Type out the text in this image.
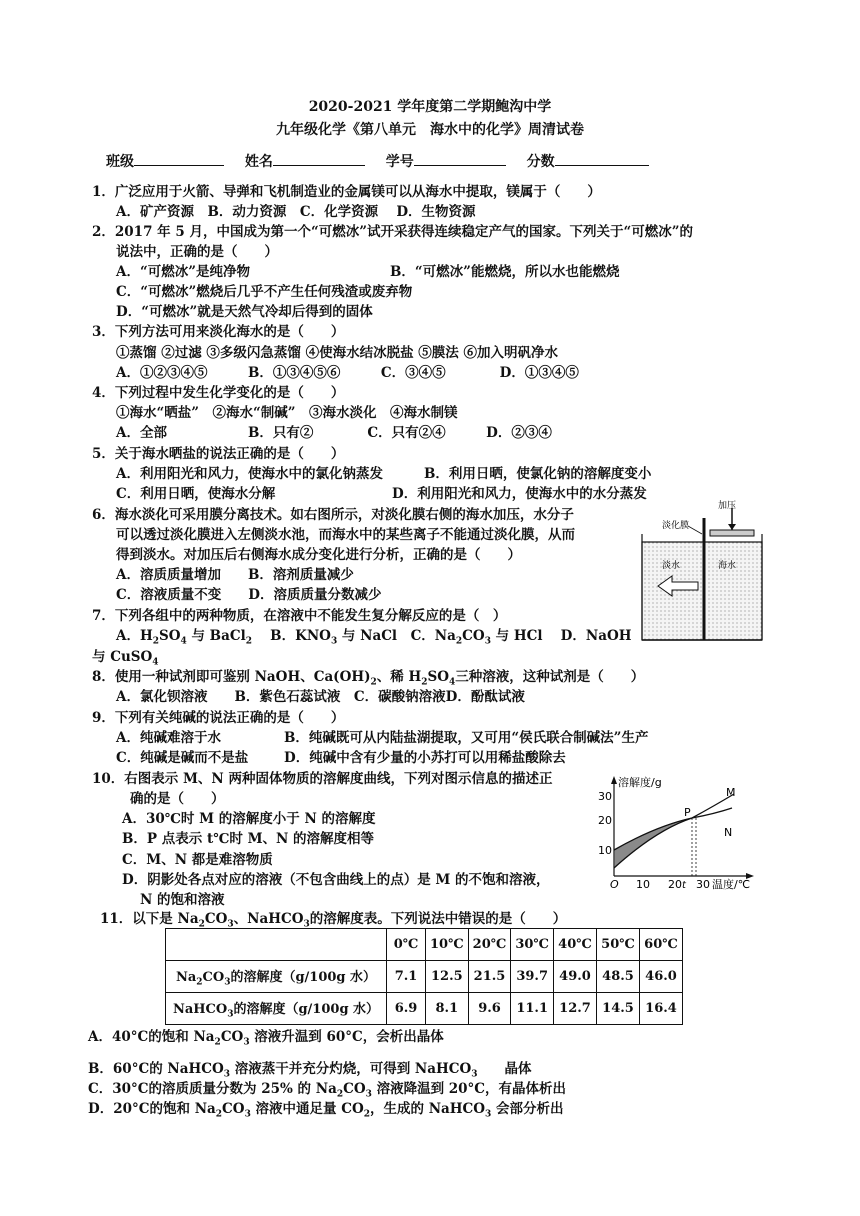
2020-2021 学年度第二学期鲍沟中学
九年级化学《第八单元　海水中的化学》周清试卷
班级	姓名	学号	分数
1．广泛应用于火箭、导弹和飞机制造业的金属镁可以从海水中提取，镁属于（　　）
A．矿产资源　B．动力资源　C．化学资源　 D．生物资源
2．2017 年 5 月，中国成为第一个“可燃冰”试开采获得连续稳定产气的国家。下列关于“可燃冰”的
说法中，正确的是（　　）
A．“可燃冰”是纯净物	B．“可燃冰”能燃烧，所以水也能燃烧
C．“可燃冰”燃烧后几乎不产生任何残渣或废弃物
D．“可燃冰”就是天然气冷却后得到的固体
3．下列方法可用来淡化海水的是（　　）
①蒸馏 ②过滤 ③多级闪急蒸馏 ④使海水结冰脱盐 ⑤膜法 ⑥加入明矾净水
A．①②③④⑤　　　B．①③④⑤⑥　　　C．③④⑤　　　　D．①③④⑤
4．下列过程中发生化学变化的是（　　）
①海水“晒盐”　②海水“制碱”　③海水淡化　④海水制镁
A．全部　　　　　　B．只有②　　　　C．只有②④　　　D．②③④
5．关于海水晒盐的说法正确的是（　　）
A．利用阳光和风力，使海水中的氯化钠蒸发	B．利用日晒，使氯化钠的溶解度变小
C．利用日晒，使海水分解	D．利用阳光和风力，使海水中的水分蒸发
6．海水淡化可采用膜分离技术。如右图所示，对淡化膜右侧的海水加压，水分子
可以透过淡化膜进入左侧淡水池，而海水中的某些离子不能通过淡化膜，从而
得到淡水。对加压后右侧海水成分变化进行分析，正确的是（　　）
A．溶质质量增加　　B．溶剂质量减少
C．溶液质量不变　　D．溶质质量分数减少
加压
淡化膜
淡水	海水
7．下列各组中的两种物质，在溶液中不能发生复分解反应的是（　）
A．$H_2SO_4$ 与 BaCl$_2$　 B．$KNO_3$ 与 NaCl　C．$Na_2CO_3$ 与 HCl　 D．NaOH
与 CuSO$_4$
8．使用一种试剂即可鉴别 NaOH、$Ca(OH)_2$、稀 $H_2SO_4$三种溶液，这种试剂是（　　）
A．氯化钡溶液　　B．紫色石蕊试液　C．碳酸钠溶液D．酚酞试液
9．下列有关纯碱的说法正确的是（　　）
A．纯碱难溶于水	B．纯碱既可从内陆盐湖提取，又可用“侯氏联合制碱法”生产
C．纯碱是碱而不是盐	D．纯碱中含有少量的小苏打可以用稀盐酸除去
10．右图表示 M、N 两种固体物质的溶解度曲线，下列对图示信息的描述正
确的是（　　）
A．30℃时 M 的溶解度小于 N 的溶解度
B．P 点表示 t℃时 M、N 的溶解度相等
C．M、N 都是难溶物质
D．阴影处各点对应的溶液（不包含曲线上的点）是 M 的不饱和溶液，
N 的饱和溶液
溶解度/g
30
20
10
O 10 20 t 30 温度/℃
M
N
P
11．以下是 $Na_2CO_3$、NaHCO$_3$的溶解度表。下列说法中错误的是（　　）
	0℃	10℃	20℃	30℃	40℃	50℃	60℃
$Na_2CO_3$的溶解度（g/100g 水）	7.1	12.5	21.5	39.7	49.0	48.5	46.0
NaHCO$_3$的溶解度（g/100g 水）	6.9	8.1	9.6	11.1	12.7	14.5	16.4
A．40°C的饱和 $Na_2CO_3$ 溶液升温到 60°C，会析出晶体
B．60°C的 NaHCO$_3$ 溶液蒸干并充分灼烧，可得到 NaHCO$_3$　　晶体
C．30°C的溶质质量分数为 25% 的 $Na_2CO_3$ 溶液降温到 20°C，有晶体析出
D．20°C的饱和 $Na_2CO_3$ 溶液中通足量 $CO_2$，生成的 NaHCO$_3$ 会部分析出
